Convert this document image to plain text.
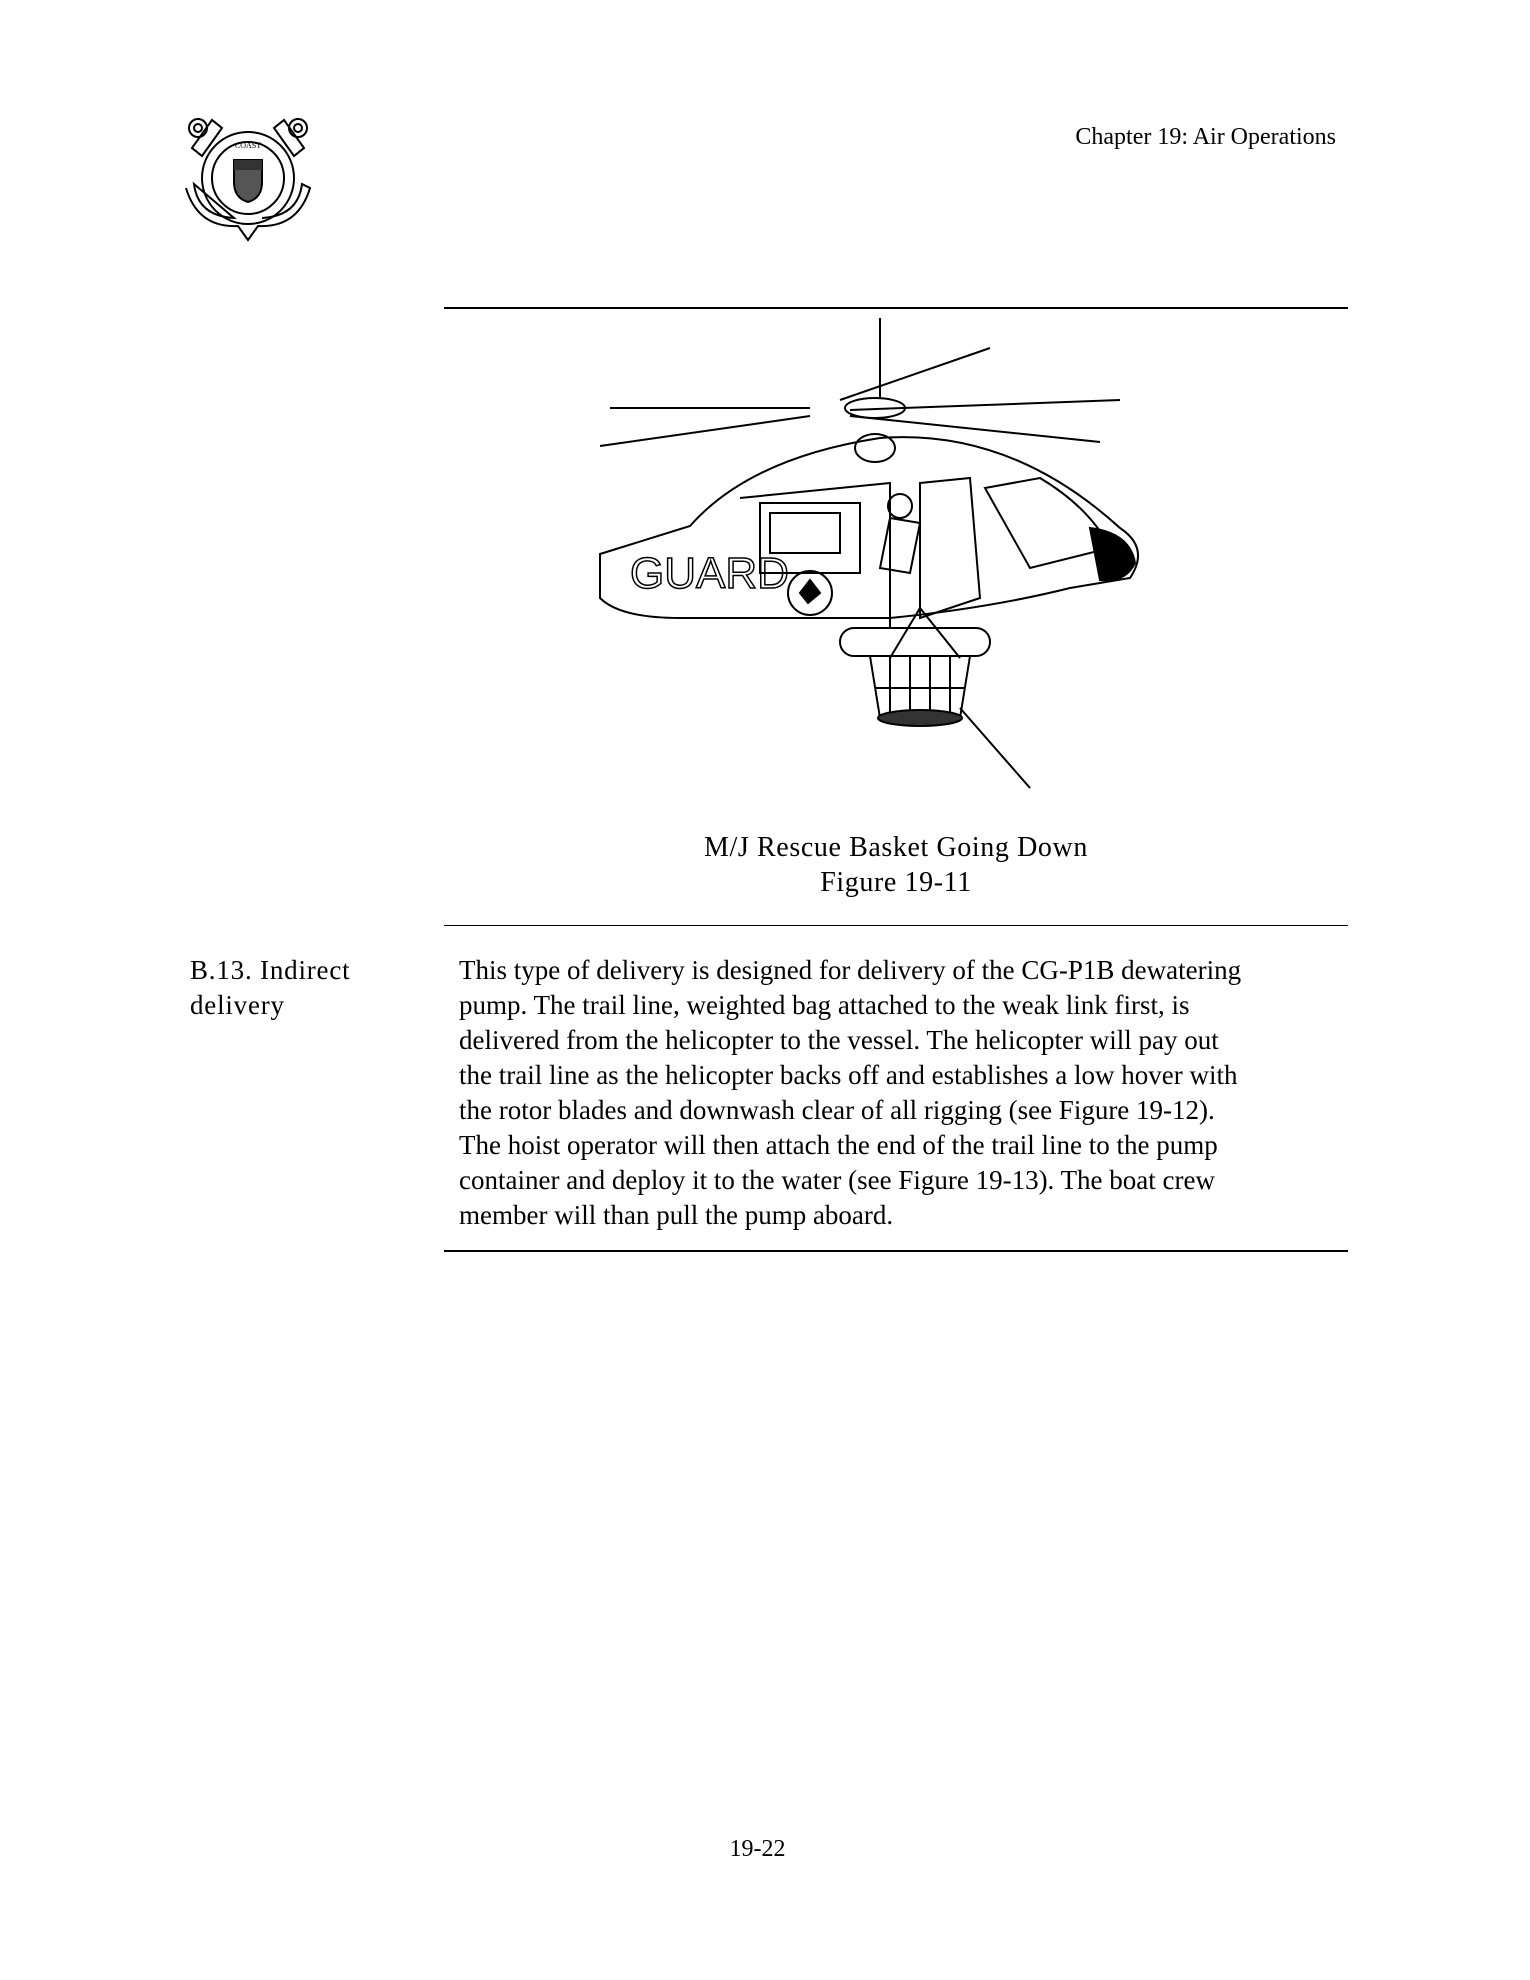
COAST	Chapter 19: Air Operations
GUARD
M/J Rescue Basket Going Down
Figure 19-11
B.13. Indirect
delivery
This type of delivery is designed for delivery of the CG-P1B dewatering
pump. The trail line, weighted bag attached to the weak link first, is
delivered from the helicopter to the vessel. The helicopter will pay out
the trail line as the helicopter backs off and establishes a low hover with
the rotor blades and downwash clear of all rigging (see Figure 19-12).
The hoist operator will then attach the end of the trail line to the pump
container and deploy it to the water (see Figure 19-13). The boat crew
member will than pull the pump aboard.
19-22
